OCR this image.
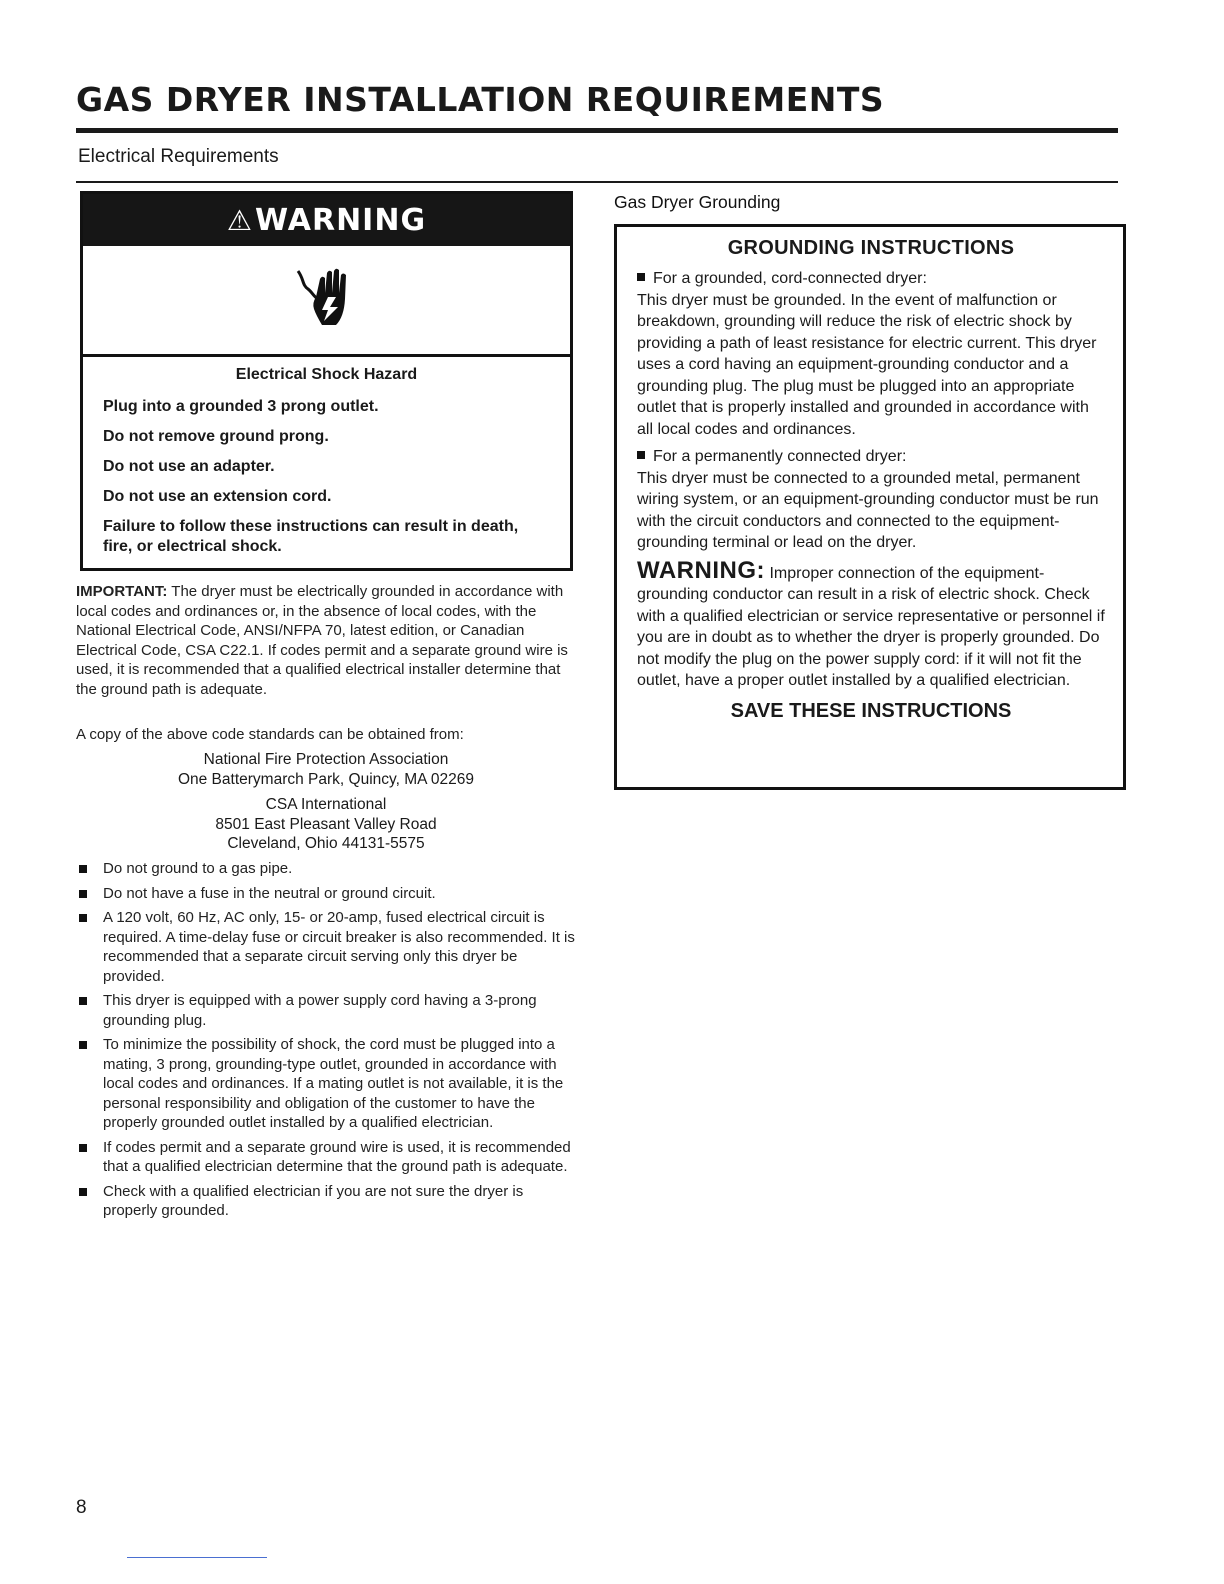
GAS DRYER INSTALLATION REQUIREMENTS
Electrical Requirements
⚠ WARNING
Electrical Shock Hazard

Plug into a grounded 3 prong outlet.

Do not remove ground prong.

Do not use an adapter.

Do not use an extension cord.

Failure to follow these instructions can result in death, fire, or electrical shock.

IMPORTANT: The dryer must be electrically grounded in accordance with local codes and ordinances or, in the absence of local codes, with the National Electrical Code, ANSI/NFPA 70, latest edition, or Canadian Electrical Code, CSA C22.1. If codes permit and a separate ground wire is used, it is recommended that a qualified electrical installer determine that the ground path is adequate.
A copy of the above code standards can be obtained from:
National Fire Protection Association
One Batterymarch Park, Quincy, MA 02269
CSA International
8501 East Pleasant Valley Road
Cleveland, Ohio 44131-5575
Do not ground to a gas pipe.
Do not have a fuse in the neutral or ground circuit.
A 120 volt, 60 Hz, AC only, 15- or 20-amp, fused electrical circuit is required. A time-delay fuse or circuit breaker is also recommended. It is recommended that a separate circuit serving only this dryer be provided.
This dryer is equipped with a power supply cord having a 3-prong grounding plug.
To minimize the possibility of shock, the cord must be plugged into a mating, 3 prong, grounding-type outlet, grounded in accordance with local codes and ordinances. If a mating outlet is not available, it is the personal responsibility and obligation of the customer to have the properly grounded outlet installed by a qualified electrician.
If codes permit and a separate ground wire is used, it is recommended that a qualified electrician determine that the ground path is adequate.
Check with a qualified electrician if you are not sure the dryer is properly grounded.
Gas Dryer Grounding
GROUNDING INSTRUCTIONS
For a grounded, cord-connected dryer:
This dryer must be grounded. In the event of malfunction or breakdown, grounding will reduce the risk of electric shock by providing a path of least resistance for electric current. This dryer uses a cord having an equipment-grounding conductor and a grounding plug. The plug must be plugged into an appropriate outlet that is properly installed and grounded in accordance with all local codes and ordinances.
For a permanently connected dryer:
This dryer must be connected to a grounded metal, permanent wiring system, or an equipment-grounding conductor must be run with the circuit conductors and connected to the equipment-grounding terminal or lead on the dryer.
WARNING: Improper connection of the equipment-grounding conductor can result in a risk of electric shock. Check with a qualified electrician or service representative or personnel if you are in doubt as to whether the dryer is properly grounded. Do not modify the plug on the power supply cord: if it will not fit the outlet, have a proper outlet installed by a qualified electrician.
SAVE THESE INSTRUCTIONS
8
